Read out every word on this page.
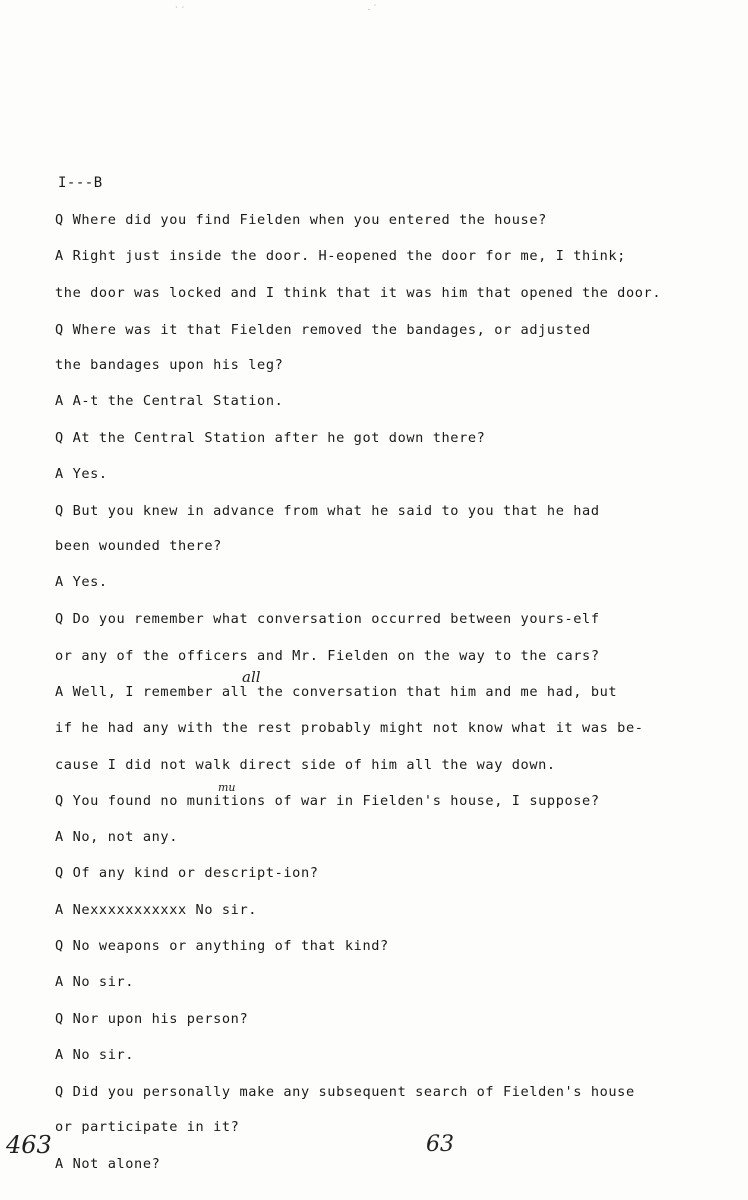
I---B
Q Where did you find Fielden when you entered the house?
A Right just inside the door. H-eopened the door for me, I think;
the door was locked and I think that it was him that opened the door.
Q Where was it that Fielden removed the bandages, or adjusted
the bandages upon his leg?
A A-t the Central Station.
Q At the Central Station after he got down there?
A Yes.
Q But you knew in advance from what he said to you that he had
been wounded there?
A Yes.
Q Do you remember what conversation occurred between yours-elf
or any of the officers and Mr. Fielden on the way to the cars?
A Well, I remember all the conversation that him and me had, but
if he had any with the rest probably might not know what it was be-
cause I did not walk direct side of him all the way down.
Q You found no munitions of war in Fielden's house, I suppose?
A No, not any.
Q Of any kind or descript-ion?
A Nexxxxxxxxxxx No sir.
Q No weapons or anything of that kind?
A No sir.
Q Nor upon his person?
A No sir.
Q Did you personally make any subsequent search of Fielden's house
or participate in it?
A Not alone?
all
mu
463	63
ˋˊ	˗ˊ
